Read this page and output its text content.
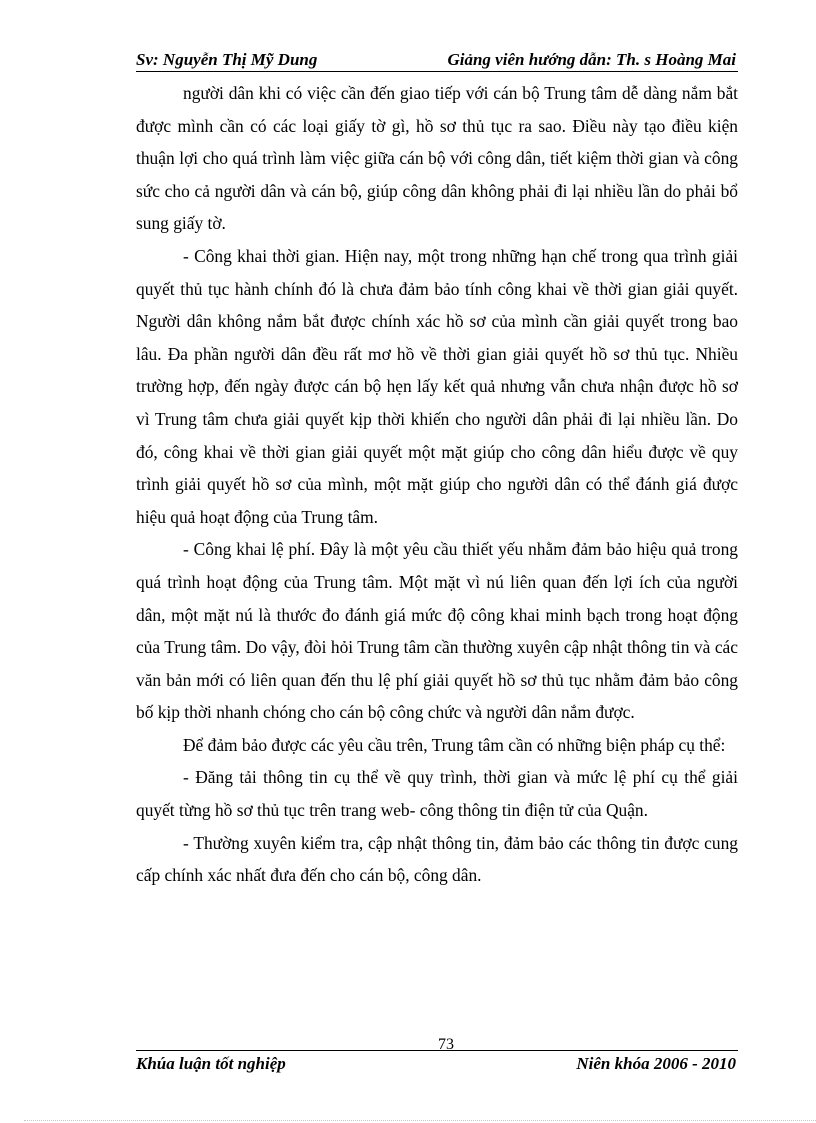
Sv: Nguyễn Thị Mỹ Dung	Giảng viên hướng dẫn: Th. s Hoàng Mai

người dân khi có việc cần đến giao tiếp với cán bộ Trung tâm dễ dàng nắm bắt được mình cần có các loại giấy tờ gì, hồ sơ thủ tục ra sao. Điều này tạo điều kiện thuận lợi cho quá trình làm việc giữa cán bộ với công dân, tiết kiệm thời gian và công sức cho cả người dân và cán bộ, giúp công dân không phải đi lại nhiều lần do phải bổ sung giấy tờ.

- Công khai thời gian. Hiện nay, một trong những hạn chế trong qua trình giải quyết thủ tục hành chính đó là chưa đảm bảo tính công khai về thời gian giải quyết. Người dân không nắm bắt được chính xác hồ sơ của mình cần giải quyết trong bao lâu. Đa phần người dân đều rất mơ hồ về thời gian giải quyết hồ sơ thủ tục. Nhiều trường hợp, đến ngày được cán bộ hẹn lấy kết quả nhưng vẫn chưa nhận được hồ sơ vì Trung tâm chưa giải quyết kịp thời khiến cho người dân phải đi lại nhiều lần. Do đó, công khai về thời gian giải quyết một mặt giúp cho công dân hiểu được về quy trình giải quyết hồ sơ của mình, một mặt giúp cho người dân có thể đánh giá được hiệu quả hoạt động của Trung tâm.

- Công khai lệ phí. Đây là một yêu cầu thiết yếu nhằm đảm bảo hiệu quả trong quá trình hoạt động của Trung tâm. Một mặt vì nú liên quan đến lợi ích của người dân, một mặt nú là thước đo đánh giá mức độ công khai minh bạch trong hoạt động của Trung tâm. Do vậy, đòi hỏi Trung tâm cần thường xuyên cập nhật thông tin và các văn bản mới có liên quan đến thu lệ phí giải quyết hồ sơ thủ tục nhằm đảm bảo công bố kịp thời nhanh chóng cho cán bộ công chức và người dân nắm được.

Để đảm bảo được các yêu cầu trên, Trung tâm cần có những biện pháp cụ thể:

- Đăng tải thông tin cụ thể về quy trình, thời gian và mức lệ phí cụ thể giải quyết từng hồ sơ thủ tục trên trang web- công thông tin điện tử của Quận.

- Thường xuyên kiểm tra, cập nhật thông tin, đảm bảo các thông tin được cung cấp chính xác nhất đưa đến cho cán bộ, công dân.

73
Khúa luận tốt nghiệp	Niên khóa 2006 - 2010
